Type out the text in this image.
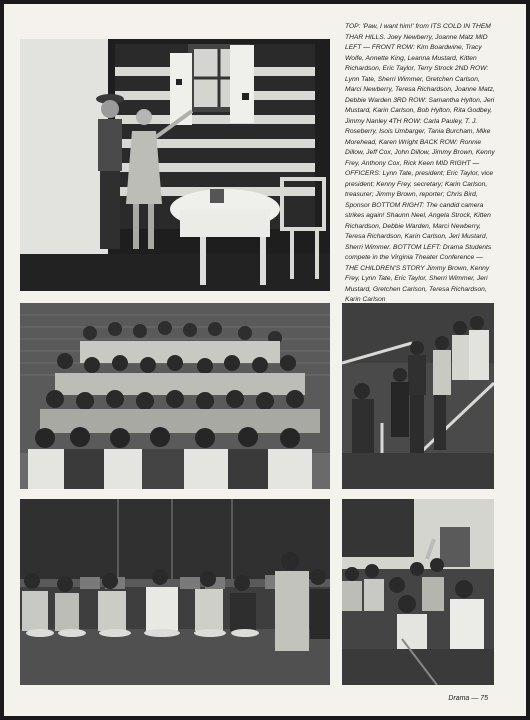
TOP: 'Paw, I want him!' from ITS COLD IN THEM THAR HILLS. Joey Newberry, Joanne Matz MID LEFT — FRONT ROW: Kim Boardwine, Tracy Wolfe, Annette King, Leanna Mustard, Kitten Richardson, Eric Taylor, Terry Strock 2ND ROW: Lynn Tate, Sherri Wimmer, Gretchen Carlson, Marci Newberry, Teresa Richardson, Joanne Matz, Debbie Warden 3RD ROW: Samantha Hylton, Jeri Mustard, Karin Carlson, Bob Hylton, Rita Godbey, Jimmy Nanley 4TH ROW: Carla Pauley, T. J. Roseberry, Isois Umbarger, Tania Burcham, Mike Morehead, Karen Wright BACK ROW: Ronnie Dillow, Jeff Cox, John Dillow, Jimmy Brown, Kenny Frey, Anthony Cox, Rick Keen MID RIGHT — OFFICERS: Lynn Tate, president; Eric Taylor, vice president; Kenny Frey, secretary; Karin Carlson, treasurer; Jimmy Brown, reporter; Chris Bird, Sponsor BOTTOM RIGHT: The candid camera strikes again! Shaunn Neel, Angela Strock, Kitten Richardson, Debbie Warden, Marci Newberry, Teresa Richardson, Karin Carlson, Jeri Mustard, Sherri Wimmer. BOTTOM LEFT: Drama Students compete in the Virginia Theater Conference — THE CHILDREN'S STORY Jimmy Brown, Kenny Frey, Lynn Tate, Eric Taylor, Sherri Wimmer, Jeri Mustard, Gretchen Carlson, Teresa Richardson, Karin Carlson
Drama — 75
